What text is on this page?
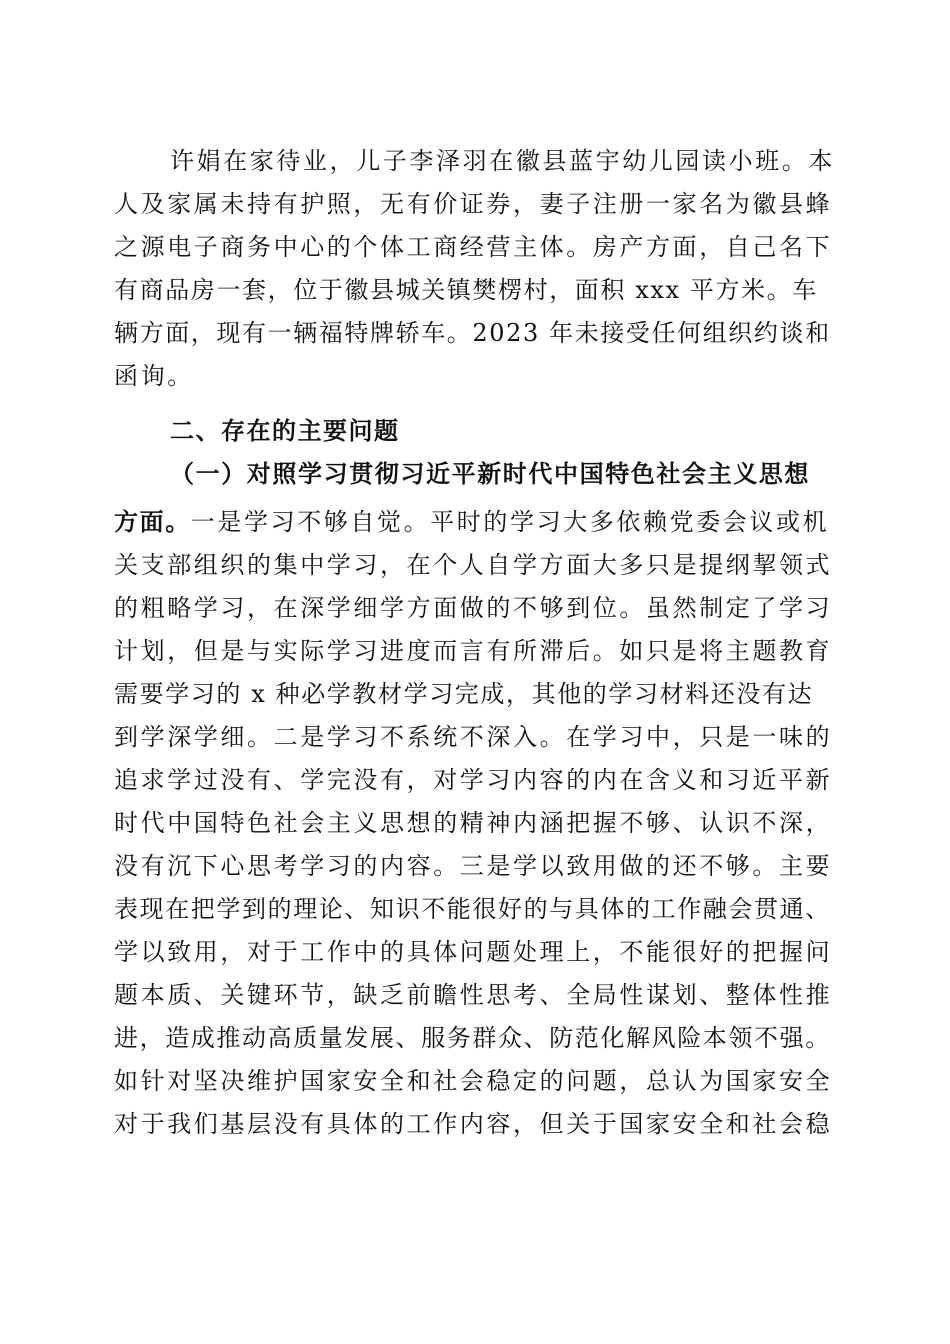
许娟在家待业，儿子李泽羽在徽县蓝宇幼儿园读小班。本
人及家属未持有护照，无有价证券，妻子注册一家名为徽县蜂
之源电子商务中心的个体工商经营主体。房产方面，自己名下
有商品房一套，位于徽县城关镇樊楞村，面积 xxx 平方米。车
辆方面，现有一辆福特牌轿车。2023 年未接受任何组织约谈和
函询。
二、存在的主要问题
（一）对照学习贯彻习近平新时代中国特色社会主义思想
方面。一是学习不够自觉。平时的学习大多依赖党委会议或机
关支部组织的集中学习，在个人自学方面大多只是提纲挈领式
的粗略学习，在深学细学方面做的不够到位。虽然制定了学习
计划，但是与实际学习进度而言有所滞后。如只是将主题教育
需要学习的 x 种必学教材学习完成，其他的学习材料还没有达
到学深学细。二是学习不系统不深入。在学习中，只是一味的
追求学过没有、学完没有，对学习内容的内在含义和习近平新
时代中国特色社会主义思想的精神内涵把握不够、认识不深，
没有沉下心思考学习的内容。三是学以致用做的还不够。主要
表现在把学到的理论、知识不能很好的与具体的工作融会贯通、
学以致用，对于工作中的具体问题处理上，不能很好的把握问
题本质、关键环节，缺乏前瞻性思考、全局性谋划、整体性推
进，造成推动高质量发展、服务群众、防范化解风险本领不强。
如针对坚决维护国家安全和社会稳定的问题，总认为国家安全
对于我们基层没有具体的工作内容，但关于国家安全和社会稳
